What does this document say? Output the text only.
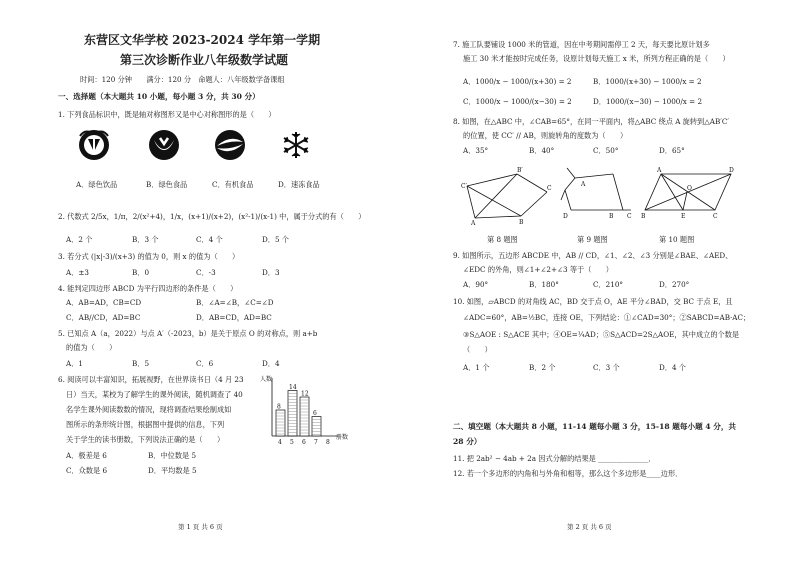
东营区文华学校 2023-2024 学年第一学期
第三次诊断作业八年级数学试题
时间：120 分钟　　满分：120 分　命题人：八年级数学备课组
一、选择题（本大题共 10 小题，每小题 3 分，共 30 分）
1. 下列食品标识中，既是轴对称图形又是中心对称图形的是（　　）
A．绿色饮品	B．绿色食品	C．有机食品	D．速冻食品
2. 代数式 2/5x，1/π，2/(x²+4)，1/x，(x+1)/(x+2)，(x²-1)/(x-1) 中，属于分式的有（　　）
A．2 个	B．3 个	C．4 个	D．5 个
3. 若分式 (|x|-3)/(x+3) 的值为 0，则 x 的值为（　　）
A．±3	B．0	C．-3	D．3
4. 能判定四边形 ABCD 为平行四边形的条件是（　　）
A．AB=AD，CB=CD	B．∠A=∠B，∠C=∠D
C．AB//CD，AD=BC	D．AB=CD，AD=BC
5. 已知点 A（a，2022）与点 A′（-2023，b）是关于原点 O 的对称点，则 a+b
的值为（　　）
A．1	B．5	C．6	D．4
6. 阅读可以丰富知识，拓展视野，在世界读书日（4 月 23
日）当天，某校为了解学生的课外阅读，随机调查了 40
名学生课外阅读数数的情况，现将调查结果绘制成如
图所示的条形统计图，根据图中提供的信息，下列
关于学生的读书册数，下列说法正确的是（　　）
A．极差是 6	B．中位数是 5
C．众数是 6	D．平均数是 5
人数
册数
8
4
14
5
12
6
6
7 8
第 1 页 共 6 页
7. 施工队要铺设 1000 米的管道，因在中考期间需停工 2 天，每天要比原计划多
施工 30 米才能按时完成任务，设原计划每天施工 x 米，所列方程正确的是（　　）
A．1000/x − 1000/(x+30) = 2	B．1000/(x+30) − 1000/x = 2
C．1000/x − 1000/(x−30) = 2	D．1000/(x−30) − 1000/x = 2
8. 如图，在△ABC 中，∠CAB=65°，在同一平面内，将△ABC 绕点 A 旋转到△AB′C′
的位置，使 CC′ // AB，则旋转角的度数为（　　）
A．35°	B．40°	C．50°	D．65°
A	B
C′
B′
C
A
B C
D
A	D
B	E	C
O
第 8 题图	第 9 题图	第 10 题图
9. 如图所示，五边形 ABCDE 中，AB // CD，∠1、∠2、∠3 分别是∠BAE、∠AED、
∠EDC 的外角，则∠1+∠2+∠3 等于（　　）
A．90°	B．180°	C．210°	D．270°
10. 如图，▱ABCD 的对角线 AC，BD 交于点 O，AE 平分∠BAD，交 BC 于点 E，且
∠ADC=60°，AB=½BC，连接 OE，下列结论：①∠CAD=30°；②SABCD=AB·AC；
③S△AOE : S△ACE 其中；④OE=¼AD；⑤S△ACD=2S△AOE，其中成立的个数是
（　　）
A．1 个	B．2 个	C．3 个	D．4 个
二、填空题（本大题共 8 小题，11-14 题每小题 3 分，15-18 题每小题 4 分，共
28 分）
11. 把 2ab² − 4ab + 2a 因式分解的结果是 ______________．
12. 若一个多边形的内角和与外角和相等，那么这个多边形是____边形．
第 2 页 共 6 页
